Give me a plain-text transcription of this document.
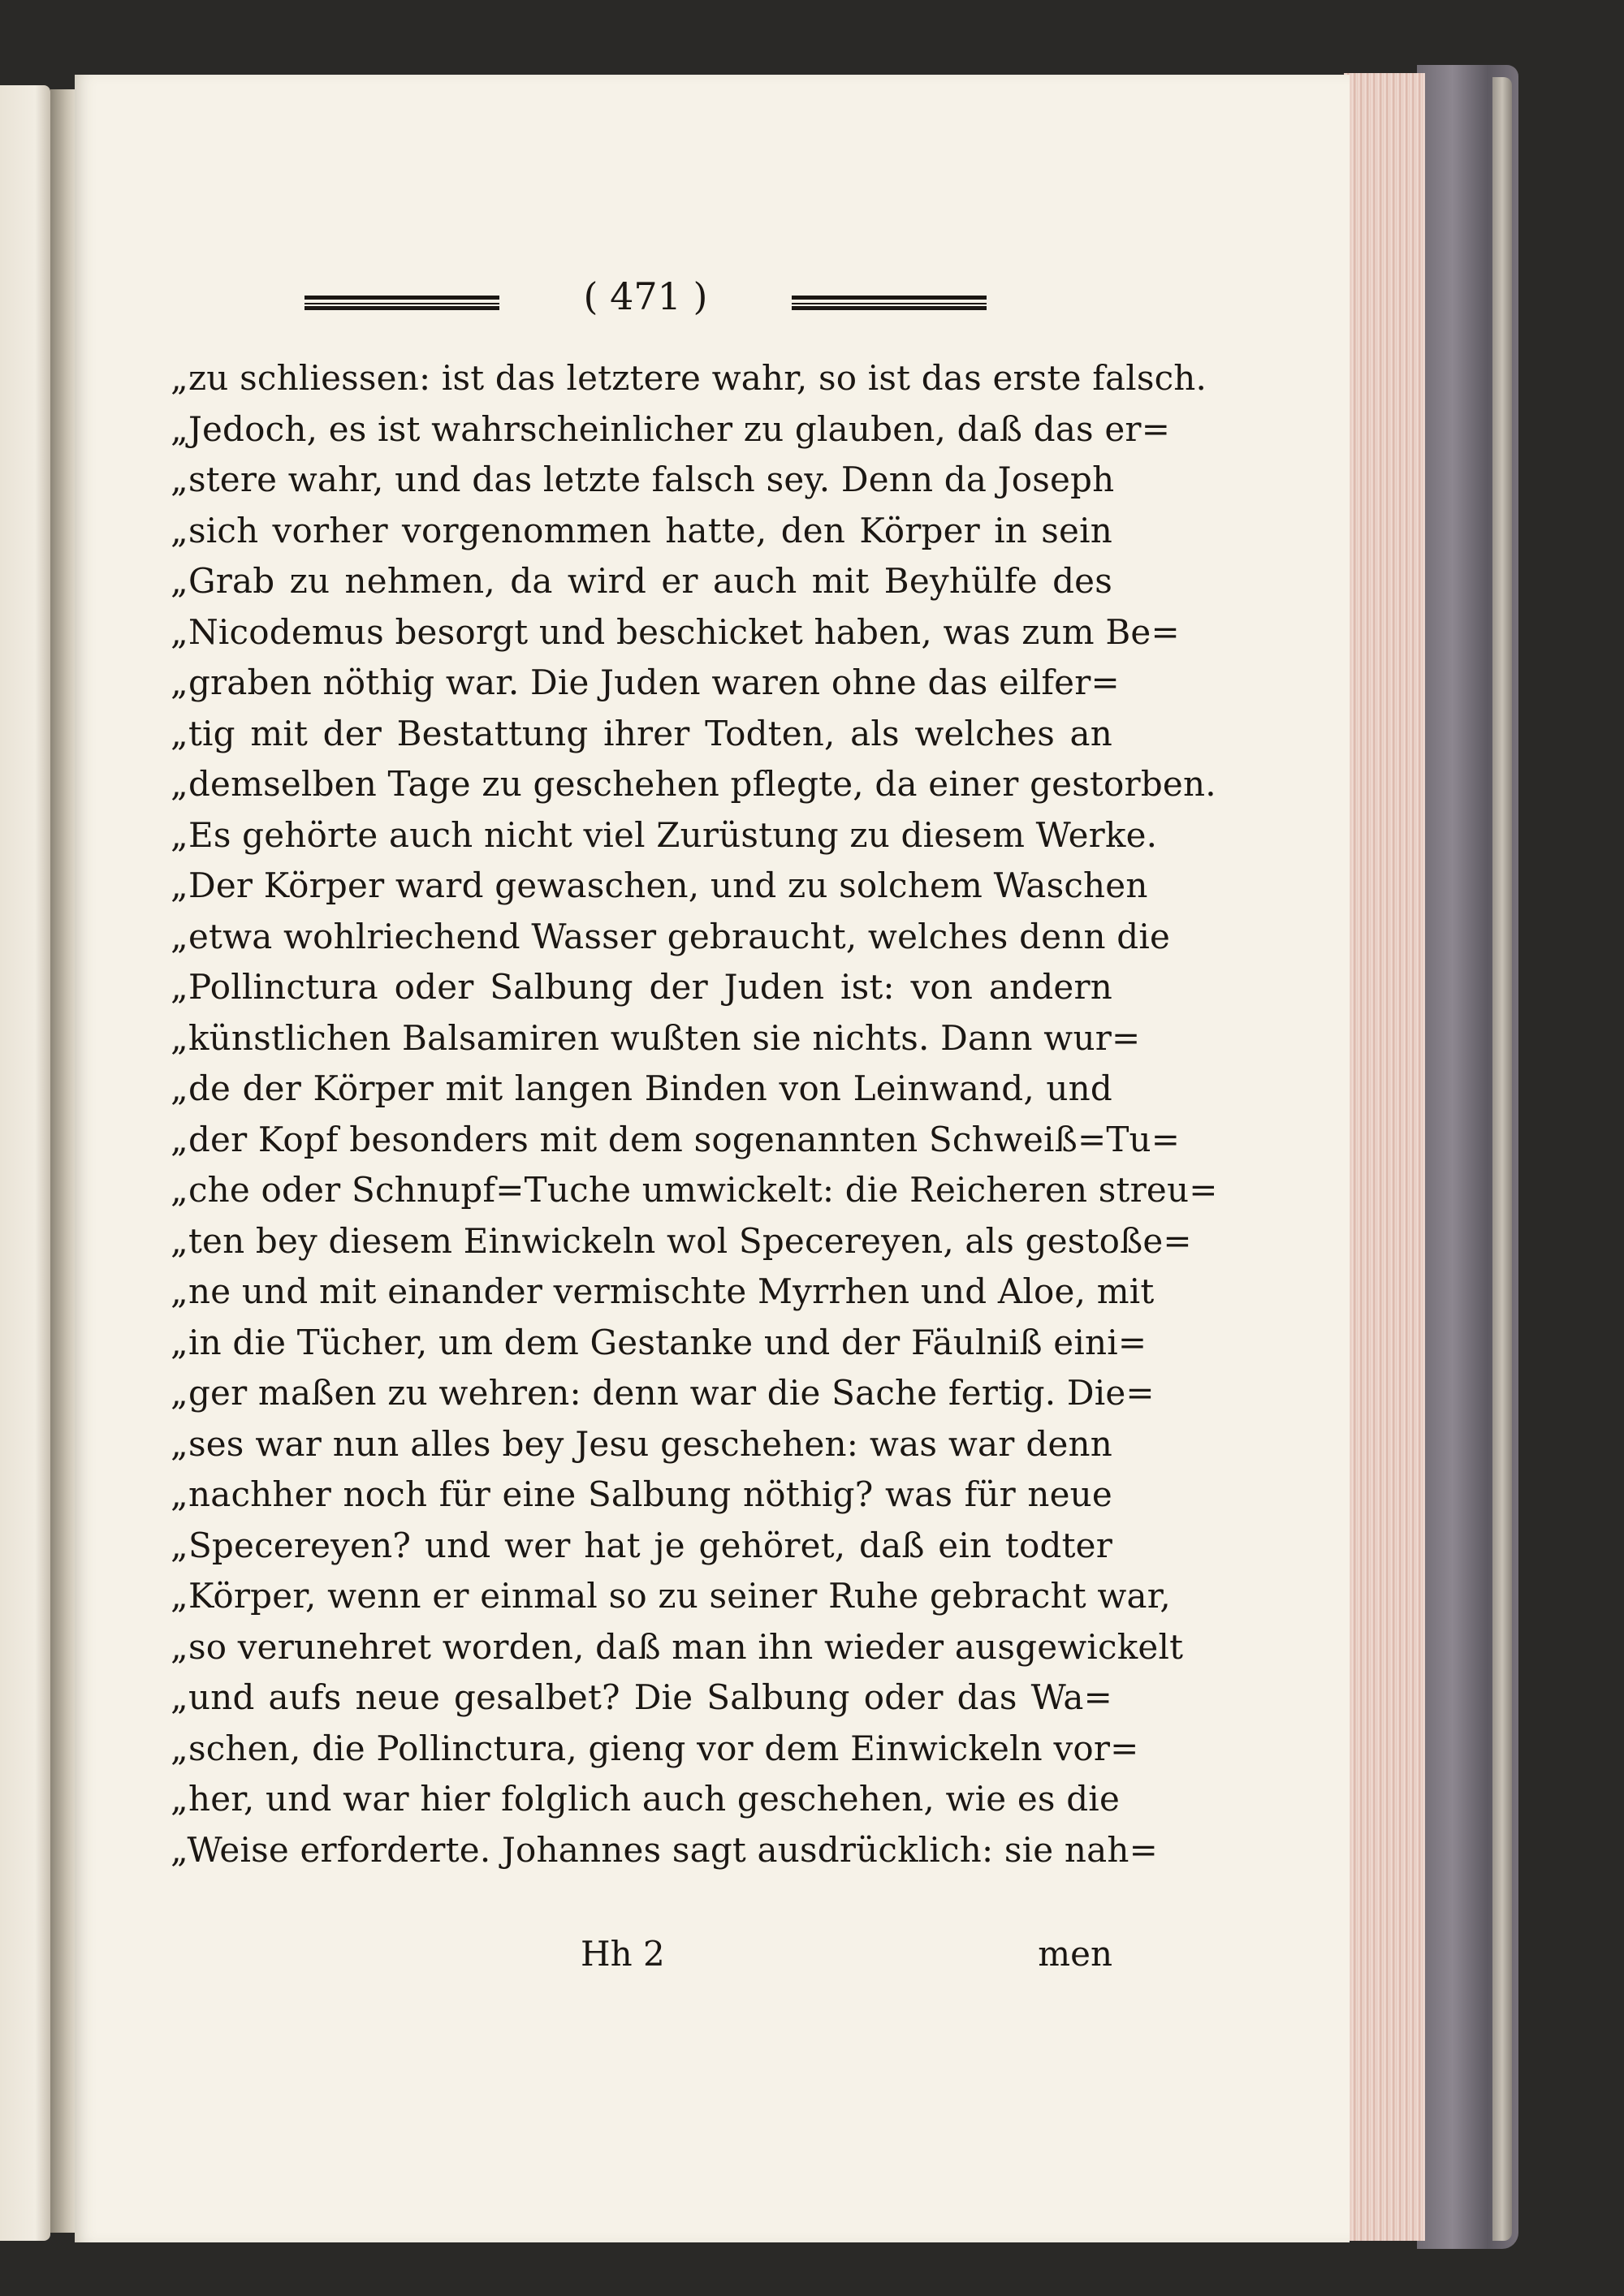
( 471 )
„zu schliessen: ist das letztere wahr, so ist das erste falsch.
„Jedoch, es ist wahrscheinlicher zu glauben, daß das er=
„stere wahr, und das letzte falsch sey. Denn da Joseph
„sich vorher vorgenommen hatte, den Körper in sein
„Grab zu nehmen, da wird er auch mit Beyhülfe des
„Nicodemus besorgt und beschicket haben, was zum Be=
„graben nöthig war. Die Juden waren ohne das eilfer=
„tig mit der Bestattung ihrer Todten, als welches an
„demselben Tage zu geschehen pflegte, da einer gestorben.
„Es gehörte auch nicht viel Zurüstung zu diesem Werke.
„Der Körper ward gewaschen, und zu solchem Waschen
„etwa wohlriechend Wasser gebraucht, welches denn die
„Pollinctura oder Salbung der Juden ist: von andern
„künstlichen Balsamiren wußten sie nichts. Dann wur=
„de der Körper mit langen Binden von Leinwand, und
„der Kopf besonders mit dem sogenannten Schweiß=Tu=
„che oder Schnupf=Tuche umwickelt: die Reicheren streu=
„ten bey diesem Einwickeln wol Specereyen, als gestoße=
„ne und mit einander vermischte Myrrhen und Aloe, mit
„in die Tücher, um dem Gestanke und der Fäulniß eini=
„ger maßen zu wehren: denn war die Sache fertig. Die=
„ses war nun alles bey Jesu geschehen: was war denn
„nachher noch für eine Salbung nöthig? was für neue
„Specereyen? und wer hat je gehöret, daß ein todter
„Körper, wenn er einmal so zu seiner Ruhe gebracht war,
„so verunehret worden, daß man ihn wieder ausgewickelt
„und aufs neue gesalbet? Die Salbung oder das Wa=
„schen, die Pollinctura, gieng vor dem Einwickeln vor=
„her, und war hier folglich auch geschehen, wie es die
„Weise erforderte. Johannes sagt ausdrücklich: sie nah=
Hh 2	men
